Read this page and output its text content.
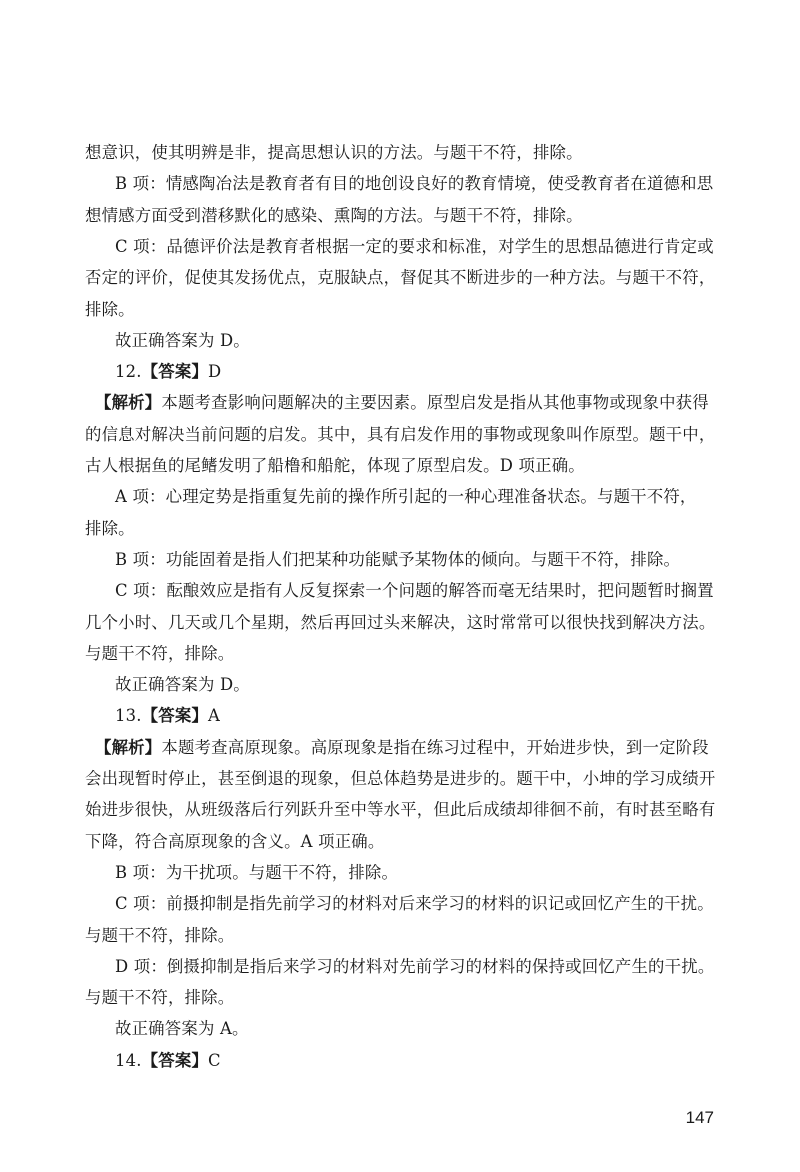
想意识，使其明辨是非，提高思想认识的方法。与题干不符，排除。
B 项：情感陶冶法是教育者有目的地创设良好的教育情境，使受教育者在道德和思
想情感方面受到潜移默化的感染、熏陶的方法。与题干不符，排除。
C 项：品德评价法是教育者根据一定的要求和标准，对学生的思想品德进行肯定或
否定的评价，促使其发扬优点，克服缺点，督促其不断进步的一种方法。与题干不符，
排除。
故正确答案为 D。
12.【答案】D
【解析】本题考查影响问题解决的主要因素。原型启发是指从其他事物或现象中获得
的信息对解决当前问题的启发。其中，具有启发作用的事物或现象叫作原型。题干中，
古人根据鱼的尾鳍发明了船橹和船舵，体现了原型启发。D 项正确。
A 项：心理定势是指重复先前的操作所引起的一种心理准备状态。与题干不符，
排除。
B 项：功能固着是指人们把某种功能赋予某物体的倾向。与题干不符，排除。
C 项：酝酿效应是指有人反复探索一个问题的解答而毫无结果时，把问题暂时搁置
几个小时、几天或几个星期，然后再回过头来解决，这时常常可以很快找到解决方法。
与题干不符，排除。
故正确答案为 D。
13.【答案】A
【解析】本题考查高原现象。高原现象是指在练习过程中，开始进步快，到一定阶段
会出现暂时停止，甚至倒退的现象，但总体趋势是进步的。题干中，小坤的学习成绩开
始进步很快，从班级落后行列跃升至中等水平，但此后成绩却徘徊不前，有时甚至略有
下降，符合高原现象的含义。A 项正确。
B 项：为干扰项。与题干不符，排除。
C 项：前摄抑制是指先前学习的材料对后来学习的材料的识记或回忆产生的干扰。
与题干不符，排除。
D 项：倒摄抑制是指后来学习的材料对先前学习的材料的保持或回忆产生的干扰。
与题干不符，排除。
故正确答案为 A。
14.【答案】C
147
